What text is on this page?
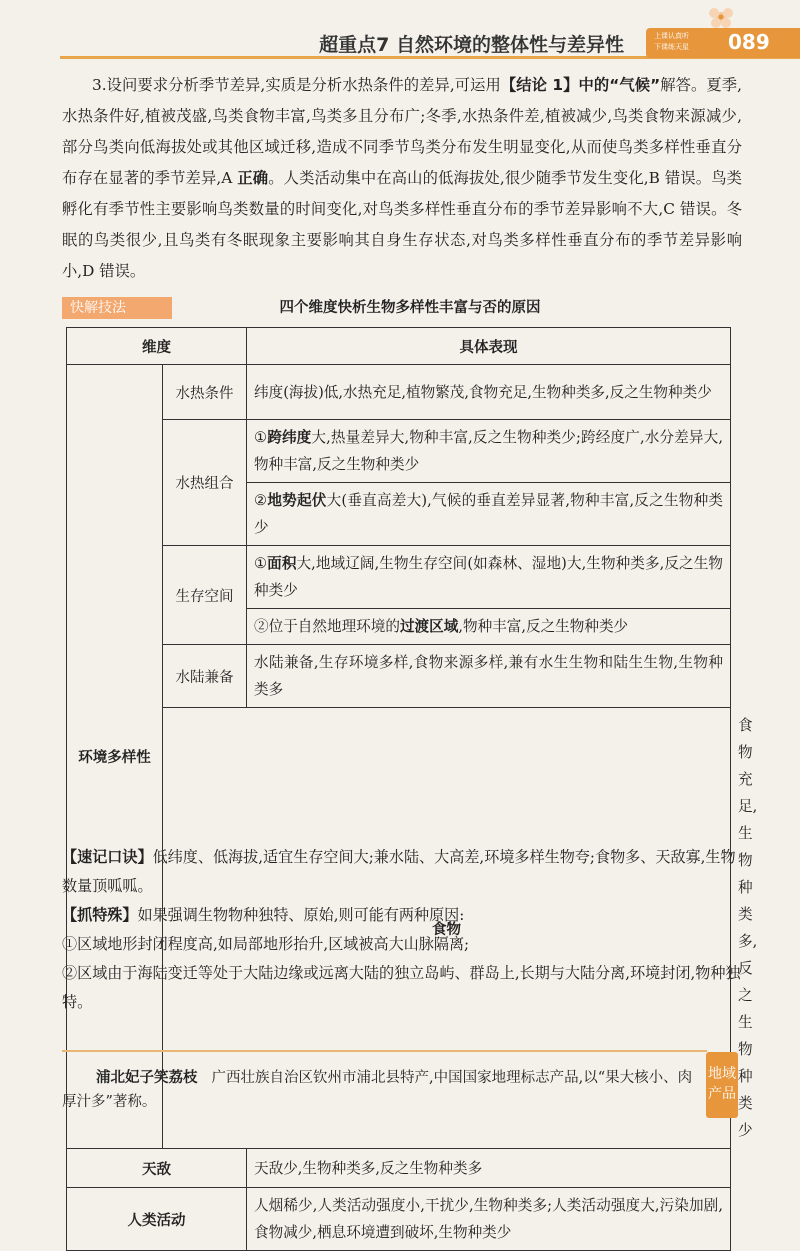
超重点7 自然环境的整体性与差异性	上课认真听
下课练天星	089
3.设问要求分析季节差异,实质是分析水热条件的差异,可运用【结论 1】中的“气候”解答。夏季,水热条件好,植被茂盛,鸟类食物丰富,鸟类多且分布广;冬季,水热条件差,植被减少,鸟类食物来源减少,部分鸟类向低海拔处或其他区域迁移,造成不同季节鸟类分布发生明显变化,从而使鸟类多样性垂直分布存在显著的季节差异,A 正确。人类活动集中在高山的低海拔处,很少随季节发生变化,B 错误。鸟类孵化有季节性主要影响鸟类数量的时间变化,对鸟类多样性垂直分布的季节差异影响不大,C 错误。冬眠的鸟类很少,且鸟类有冬眠现象主要影响其自身生存状态,对鸟类多样性垂直分布的季节差异影响小,D 错误。
快解技法	四个维度快析生物多样性丰富与否的原因
维度		具体表现	
环境多样性	水热条件	纬度(海拔)低,水热充足,植物繁茂,食物充足,生物种类多,反之生物种类少	
	水热组合	①跨纬度大,热量差异大,物种丰富,反之生物种类少;跨经度广,水分差异大,物种丰富,反之生物种类少	
		②地势起伏大(垂直高差大),气候的垂直差异显著,物种丰富,反之生物种类少	
	生存空间	①面积大,地域辽阔,生物生存空间(如森林、湿地)大,生物种类多,反之生物种类少	
		②位于自然地理环境的过渡区域,物种丰富,反之生物种类少	
	水陆兼备	水陆兼备,生存环境多样,食物来源多样,兼有水生生物和陆生生物,生物种类多	
	食物		食物充足,生物种类多,反之生物种类少
天敌		天敌少,生物种类多,反之生物种类多	
人类活动		人烟稀少,人类活动强度小,干扰少,生物种类多;人类活动强度大,污染加剧,食物减少,栖息环境遭到破坏,生物种类少	

【速记口诀】低纬度、低海拔,适宜生存空间大;兼水陆、大高差,环境多样生物夸;食物多、天敌寡,生物数量顶呱呱。

【抓特殊】如果强调生物物种独特、原始,则可能有两种原因:

①区域地形封闭程度高,如局部地形抬升,区域被高大山脉隔离;

②区域由于海陆变迁等处于大陆边缘或远离大陆的独立岛屿、群岛上,长期与大陆分离,环境封闭,物种独特。

浦北妃子笑荔枝 广西壮族自治区钦州市浦北县特产,中国国家地理标志产品,以“果大核小、肉厚汁多”著称。
地域
产品
